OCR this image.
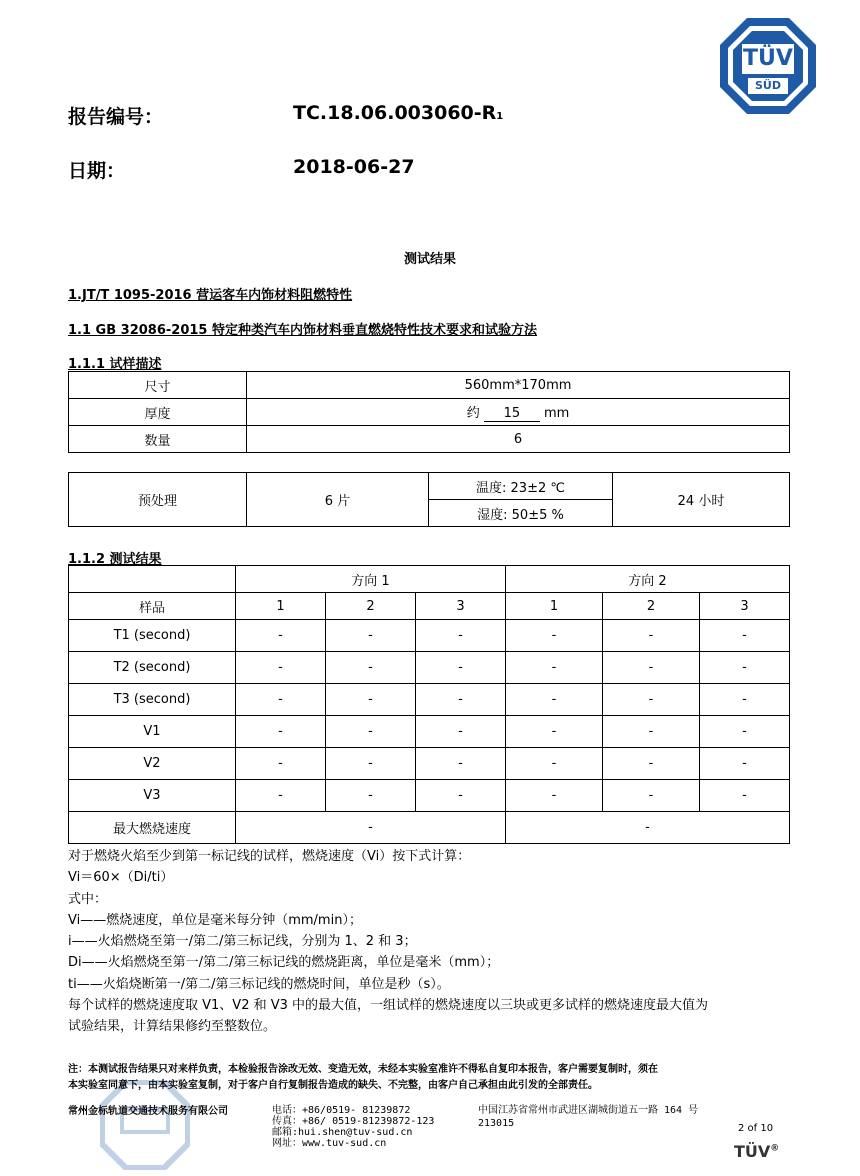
TÜV
SÜD
报告编号：	TC.18.06.003060-R1
日期：	2018-06-27
测试结果
1.JT/T 1095-2016 营运客车内饰材料阻燃特性
1.1 GB 32086-2015 特定种类汽车内饰材料垂直燃烧特性技术要求和试验方法
1.1.1 试样描述
尺寸	560mm*170mm
厚度	约 15 mm
数量	6
预处理	6 片	温度: 23±2 ℃	24 小时
湿度: 50±5 %
1.1.2 测试结果
	方向 1			方向 2		
样品	1	2	3	1	2	3
T1 (second)	-	-	-	-	-	-
T2 (second)	-	-	-	-	-	-
T3 (second)	-	-	-	-	-	-
V1	-	-	-	-	-	-
V2	-	-	-	-	-	-
V3	-	-	-	-	-	-
最大燃烧速度	-			-		
对于燃烧火焰至少到第一标记线的试样，燃烧速度（Vi）按下式计算：
Vi＝60×（Di/ti）
式中：
Vi——燃烧速度，单位是毫米每分钟（mm/min）；
i——火焰燃烧至第一/第二/第三标记线，分别为 1、2 和 3；
Di——火焰燃烧至第一/第二/第三标记线的燃烧距离，单位是毫米（mm）；
ti——火焰烧断第一/第二/第三标记线的燃烧时间，单位是秒（s）。
每个试样的燃烧速度取 V1、V2 和 V3 中的最大值，一组试样的燃烧速度以三块或更多试样的燃烧速度最大值为
试验结果，计算结果修约至整数位。
注：本测试报告结果只对来样负责，本检验报告涂改无效、变造无效，未经本实验室准许不得私自复印本报告，客户需要复制时，须在
本实验室同意下，由本实验室复制，对于客户自行复制报告造成的缺失、不完整，由客户自己承担由此引发的全部责任。
常州金标轨道交通技术服务有限公司	电话：+86/0519- 81239872
传真：+86/ 0519-81239872-123
邮箱:hui.shen@tuv-sud.cn
网址：www.tuv-sud.cn
中国江苏省常州市武进区湖城街道五一路 164 号
213015	2 of 10
TÜV®
